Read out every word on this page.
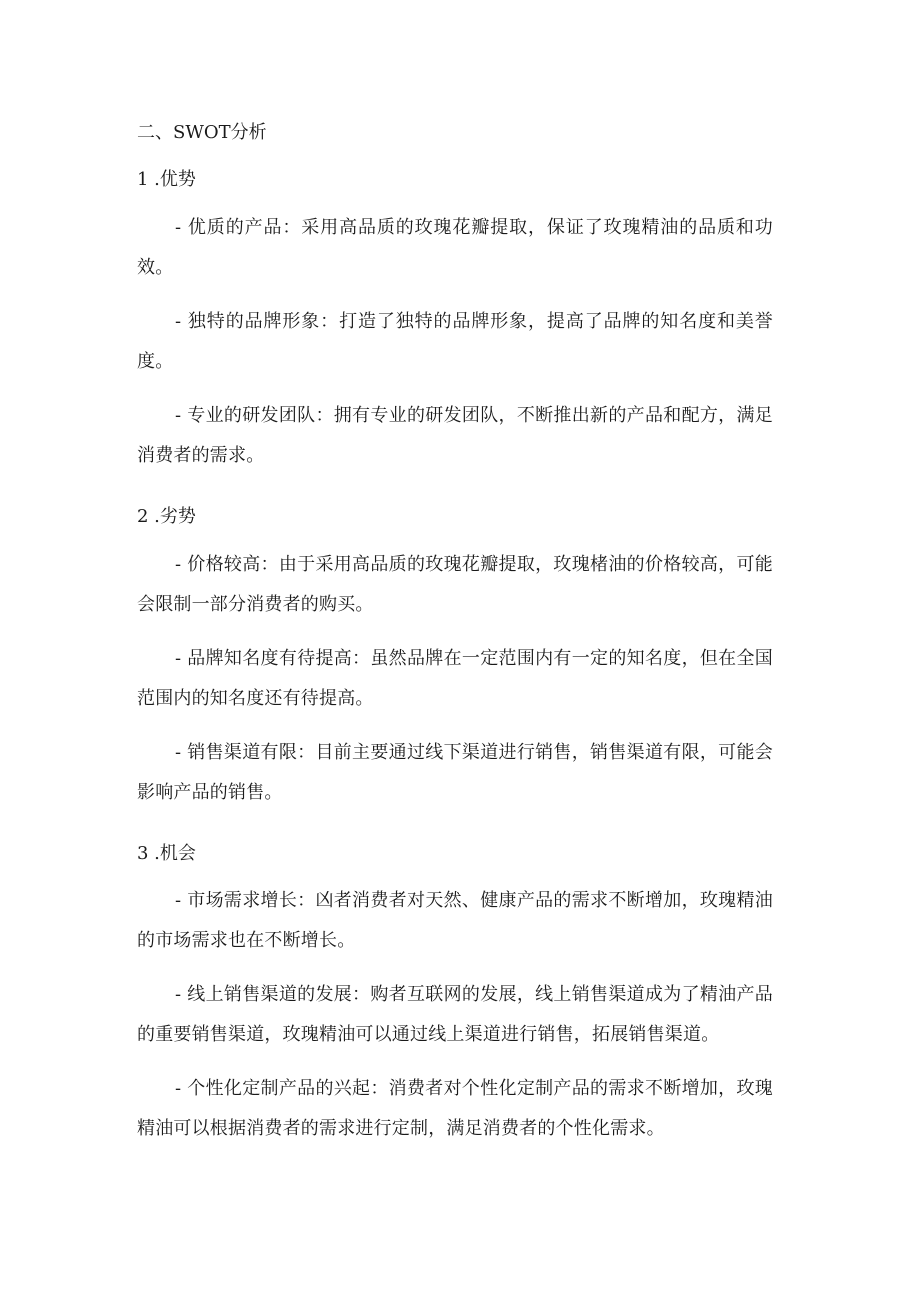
二、SWOT分析
1 .优势
- 优质的产品：采用高品质的玫瑰花瓣提取，保证了玫瑰精油的品质和功效。
- 独特的品牌形象：打造了独特的品牌形象，提高了品牌的知名度和美誉度。
- 专业的研发团队：拥有专业的研发团队，不断推出新的产品和配方，满足消费者的需求。
2 .劣势
- 价格较高：由于采用高品质的玫瑰花瓣提取，玫瑰楮油的价格较高，可能会限制一部分消费者的购买。
- 品牌知名度有待提高：虽然品牌在一定范围内有一定的知名度，但在全国范围内的知名度还有待提高。
- 销售渠道有限：目前主要通过线下渠道进行销售，销售渠道有限，可能会影响产品的销售。
3 .机会
- 市场需求增长：凶者消费者对天然、健康产品的需求不断增加，玫瑰精油的市场需求也在不断增长。
- 线上销售渠道的发展：购者互联网的发展，线上销售渠道成为了精油产品的重要销售渠道，玫瑰精油可以通过线上渠道进行销售，拓展销售渠道。
- 个性化定制产品的兴起：消费者对个性化定制产品的需求不断增加，玫瑰精油可以根据消费者的需求进行定制，满足消费者的个性化需求。
